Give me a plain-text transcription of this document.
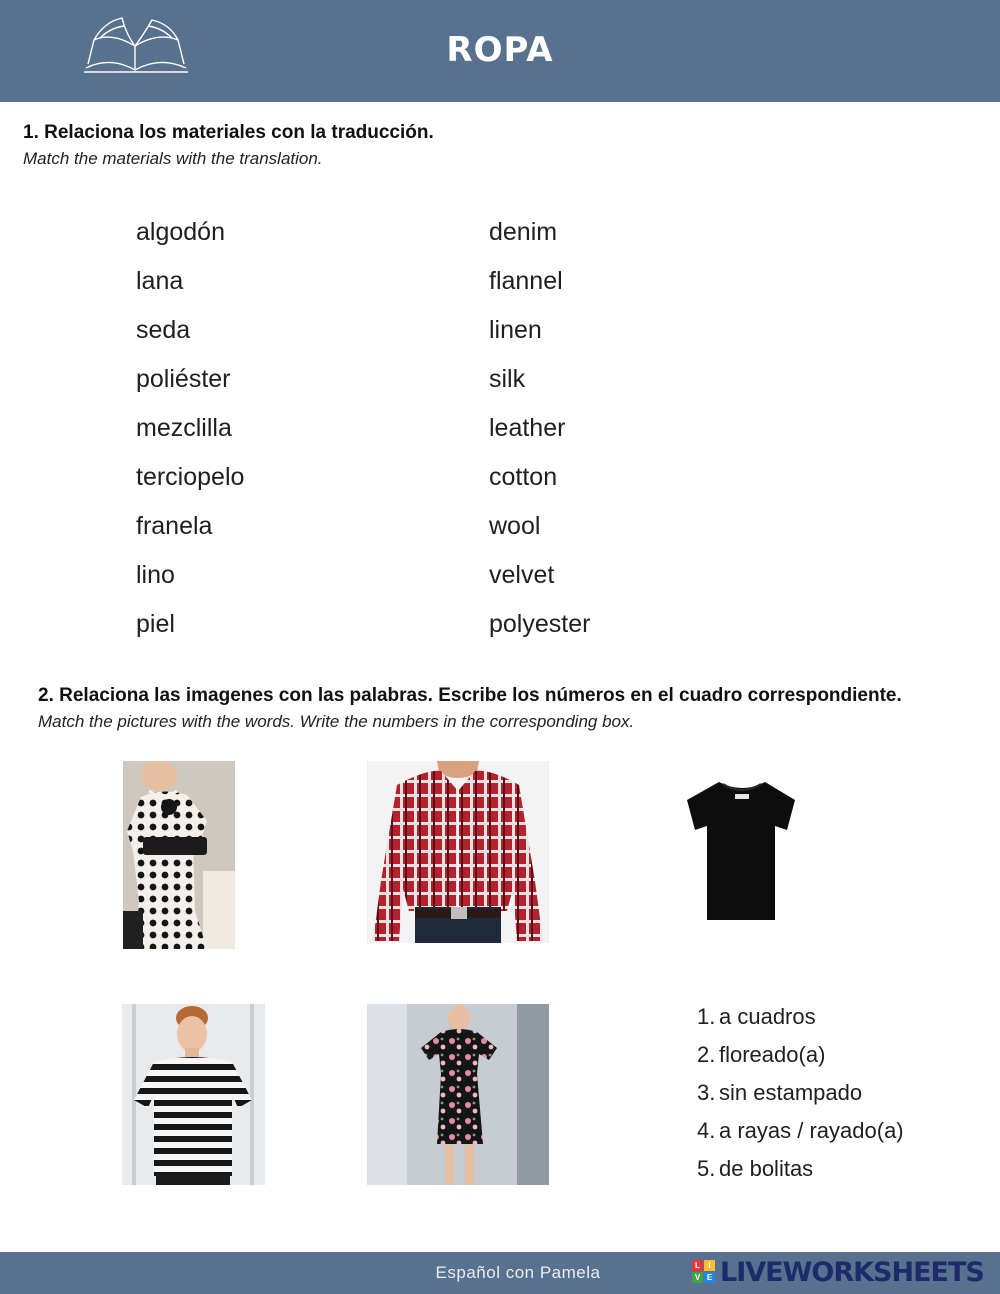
ROPA
1. Relaciona los materiales con la traducción.
Match the materials with the translation.
algodón
lana
seda
poliéster
mezclilla
terciopelo
franela
lino
piel
denim
flannel
linen
silk
leather
cotton
wool
velvet
polyester
2. Relaciona las imagenes con las palabras. Escribe los números en el cuadro correspondiente.
Match the pictures with the words. Write the numbers in the corresponding box.
1. a cuadros
2. floreado(a)
3. sin estampado
4. a rayas / rayado(a)
5. de bolitas
Español con Pamela	L	I
V E LIVEWORKSHEETS
